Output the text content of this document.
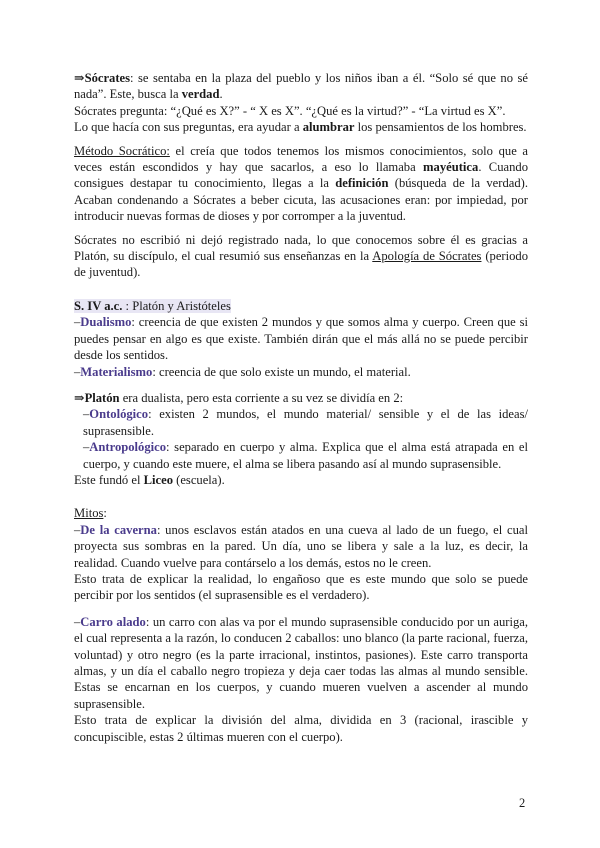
⇒Sócrates: se sentaba en la plaza del pueblo y los niños iban a él. “Solo sé que no sé nada”. Este, busca la verdad.

Sócrates pregunta: “¿Qué es X?” - “ X es X”. “¿Qué es la virtud?” - “La virtud es X”.

Lo que hacía con sus preguntas, era ayudar a alumbrar los pensamientos de los hombres.

Método Socrático: el creía que todos tenemos los mismos conocimientos, solo que a veces están escondidos y hay que sacarlos, a eso lo llamaba mayéutica. Cuando consigues destapar tu conocimiento, llegas a la definición (búsqueda de la verdad). Acaban condenando a Sócrates a beber cicuta, las acusaciones eran: por impiedad, por introducir nuevas formas de dioses y por corromper a la juventud.

Sócrates no escribió ni dejó registrado nada, lo que conocemos sobre él es gracias a Platón, su discípulo, el cual resumió sus enseñanzas en la Apología de Sócrates (periodo de juventud).

S. IV a.c. : Platón y Aristóteles

–Dualismo: creencia de que existen 2 mundos y que somos alma y cuerpo. Creen que si puedes pensar en algo es que existe. También dirán que el más allá no se puede percibir desde los sentidos.

–Materialismo: creencia de que solo existe un mundo, el material.

⇒Platón era dualista, pero esta corriente a su vez se dividía en 2:

–Ontológico: existen 2 mundos, el mundo material/ sensible y el de las ideas/ suprasensible.

–Antropológico: separado en cuerpo y alma. Explica que el alma está atrapada en el cuerpo, y cuando este muere, el alma se libera pasando así al mundo suprasensible.

Este fundó el Liceo (escuela).

Mitos:

–De la caverna: unos esclavos están atados en una cueva al lado de un fuego, el cual proyecta sus sombras en la pared. Un día, uno se libera y sale a la luz, es decir, la realidad. Cuando vuelve para contárselo a los demás, estos no le creen.

Esto trata de explicar la realidad, lo engañoso que es este mundo que solo se puede percibir por los sentidos (el suprasensible es el verdadero).

–Carro alado: un carro con alas va por el mundo suprasensible conducido por un auriga, el cual representa a la razón, lo conducen 2 caballos: uno blanco (la parte racional, fuerza, voluntad) y otro negro (es la parte irracional, instintos, pasiones). Este carro transporta almas, y un día el caballo negro tropieza y deja caer todas las almas al mundo sensible. Estas se encarnan en los cuerpos, y cuando mueren vuelven a ascender al mundo suprasensible.

Esto trata de explicar la división del alma, dividida en 3 (racional, irascible y concupiscible, estas 2 últimas mueren con el cuerpo).

2
